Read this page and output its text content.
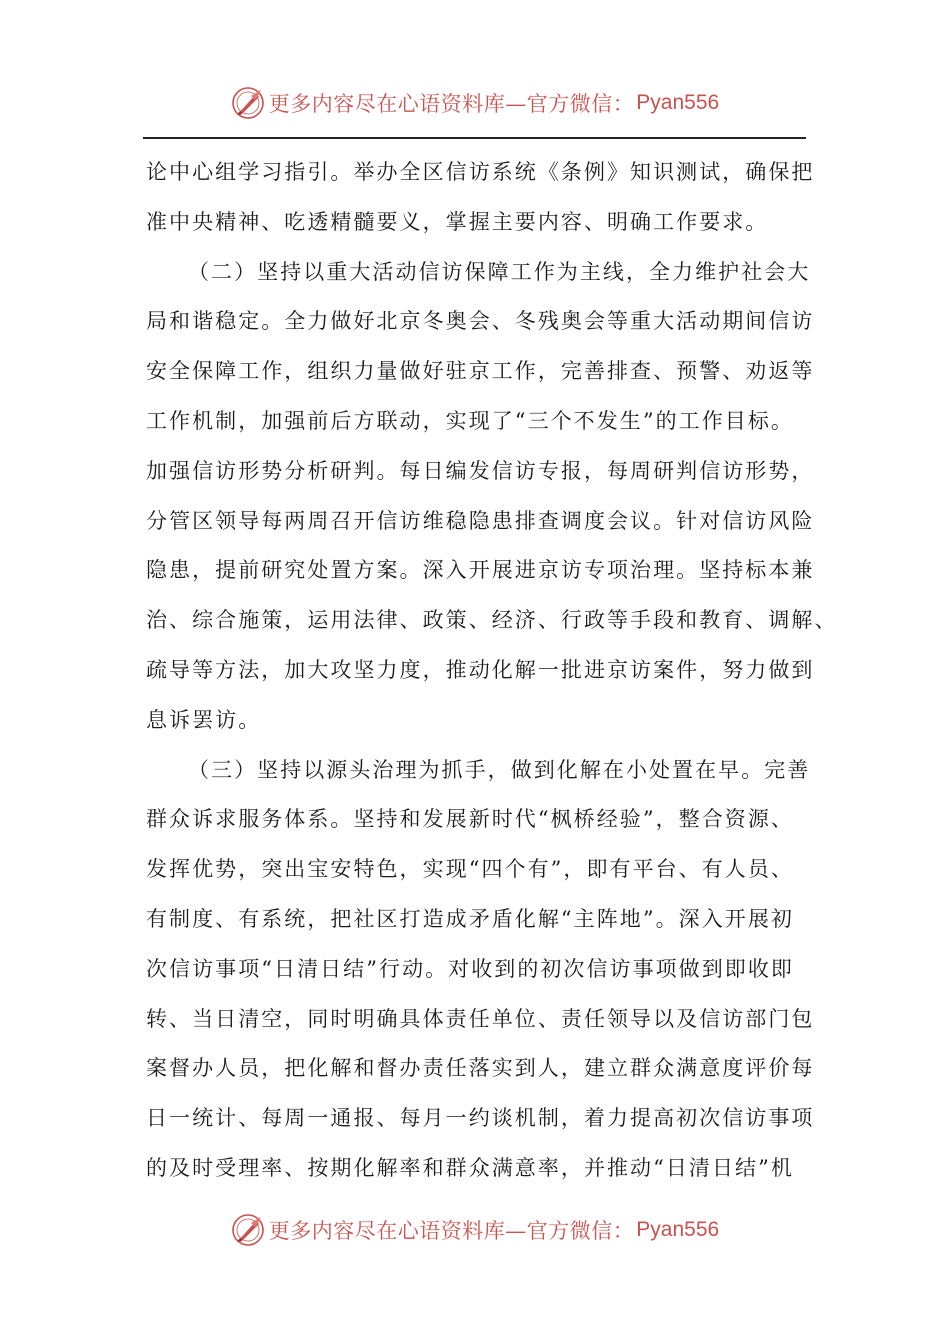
更多内容尽在心语资料库—官方微信： Pyan556
论中心组学习指引。举办全区信访系统《条例》知识测试，确保把
准中央精神、吃透精髓要义，掌握主要内容、明确工作要求。
（二）坚持以重大活动信访保障工作为主线，全力维护社会大
局和谐稳定。全力做好北京冬奥会、冬残奥会等重大活动期间信访
安全保障工作，组织力量做好驻京工作，完善排查、预警、劝返等
工作机制，加强前后方联动，实现了“三个不发生”的工作目标。
加强信访形势分析研判。每日编发信访专报，每周研判信访形势，
分管区领导每两周召开信访维稳隐患排查调度会议。针对信访风险
隐患，提前研究处置方案。深入开展进京访专项治理。坚持标本兼
治、综合施策，运用法律、政策、经济、行政等手段和教育、调解、
疏导等方法，加大攻坚力度，推动化解一批进京访案件，努力做到
息诉罢访。
（三）坚持以源头治理为抓手，做到化解在小处置在早。完善
群众诉求服务体系。坚持和发展新时代“枫桥经验”，整合资源、
发挥优势，突出宝安特色，实现“四个有”，即有平台、有人员、
有制度、有系统，把社区打造成矛盾化解“主阵地”。深入开展初
次信访事项“日清日结”行动。对收到的初次信访事项做到即收即
转、当日清空，同时明确具体责任单位、责任领导以及信访部门包
案督办人员，把化解和督办责任落实到人，建立群众满意度评价每
日一统计、每周一通报、每月一约谈机制，着力提高初次信访事项
的及时受理率、按期化解率和群众满意率，并推动“日清日结”机
更多内容尽在心语资料库—官方微信： Pyan556
